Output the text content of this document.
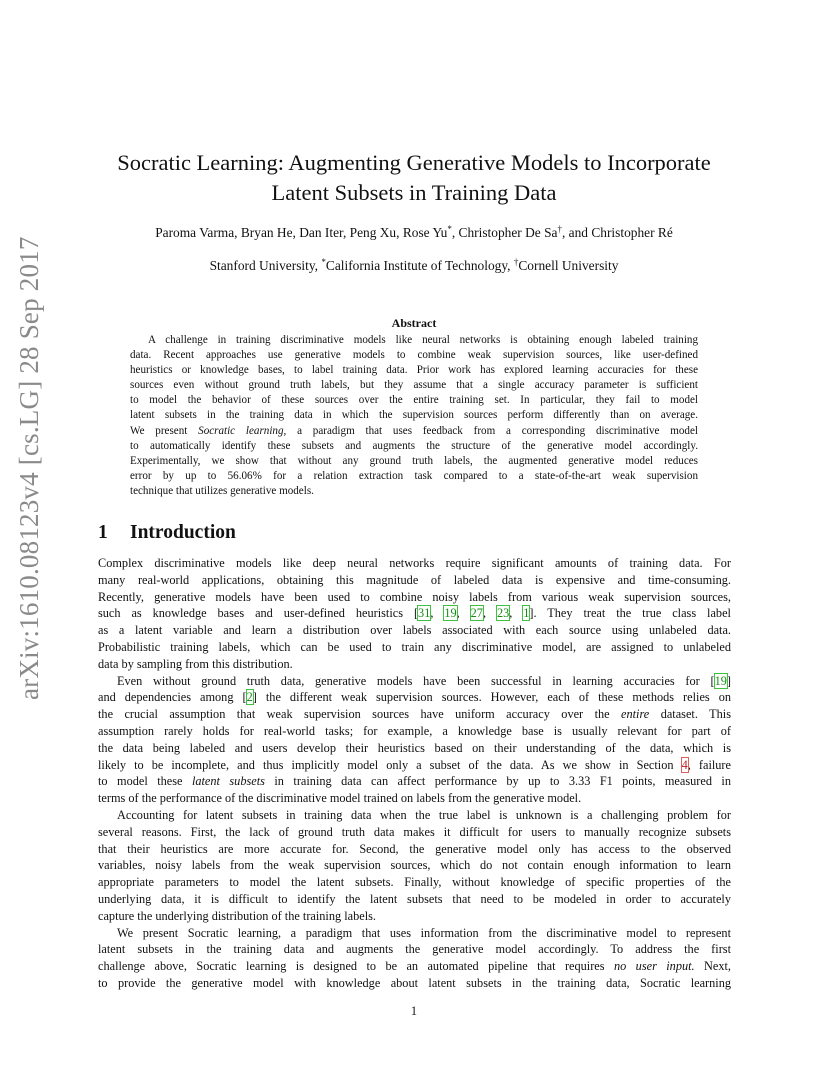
arXiv:1610.08123v4 [cs.LG] 28 Sep 2017
Socratic Learning: Augmenting Generative Models to Incorporate
Latent Subsets in Training Data
Paroma Varma, Bryan He, Dan Iter, Peng Xu, Rose Yu*, Christopher De Sa†, and Christopher Ré
Stanford University, *California Institute of Technology, †Cornell University
Abstract
A challenge in training discriminative models like neural networks is obtaining enough labeled training
data. Recent approaches use generative models to combine weak supervision sources, like user-defined
heuristics or knowledge bases, to label training data. Prior work has explored learning accuracies for these
sources even without ground truth labels, but they assume that a single accuracy parameter is sufficient
to model the behavior of these sources over the entire training set. In particular, they fail to model
latent subsets in the training data in which the supervision sources perform differently than on average.
We present Socratic learning, a paradigm that uses feedback from a corresponding discriminative model
to automatically identify these subsets and augments the structure of the generative model accordingly.
Experimentally, we show that without any ground truth labels, the augmented generative model reduces
error by up to 56.06% for a relation extraction task compared to a state-of-the-art weak supervision
technique that utilizes generative models.
1 Introduction
Complex discriminative models like deep neural networks require significant amounts of training data. For
many real-world applications, obtaining this magnitude of labeled data is expensive and time-consuming.
Recently, generative models have been used to combine noisy labels from various weak supervision sources,
such as knowledge bases and user-defined heuristics [31, 19, 27, 23, 1]. They treat the true class label
as a latent variable and learn a distribution over labels associated with each source using unlabeled data.
Probabilistic training labels, which can be used to train any discriminative model, are assigned to unlabeled
data by sampling from this distribution.
Even without ground truth data, generative models have been successful in learning accuracies for [19]
and dependencies among [2] the different weak supervision sources. However, each of these methods relies on
the crucial assumption that weak supervision sources have uniform accuracy over the entire dataset. This
assumption rarely holds for real-world tasks; for example, a knowledge base is usually relevant for part of
the data being labeled and users develop their heuristics based on their understanding of the data, which is
likely to be incomplete, and thus implicitly model only a subset of the data. As we show in Section 4, failure
to model these latent subsets in training data can affect performance by up to 3.33 F1 points, measured in
terms of the performance of the discriminative model trained on labels from the generative model.
Accounting for latent subsets in training data when the true label is unknown is a challenging problem for
several reasons. First, the lack of ground truth data makes it difficult for users to manually recognize subsets
that their heuristics are more accurate for. Second, the generative model only has access to the observed
variables, noisy labels from the weak supervision sources, which do not contain enough information to learn
appropriate parameters to model the latent subsets. Finally, without knowledge of specific properties of the
underlying data, it is difficult to identify the latent subsets that need to be modeled in order to accurately
capture the underlying distribution of the training labels.
We present Socratic learning, a paradigm that uses information from the discriminative model to represent
latent subsets in the training data and augments the generative model accordingly. To address the first
challenge above, Socratic learning is designed to be an automated pipeline that requires no user input. Next,
to provide the generative model with knowledge about latent subsets in the training data, Socratic learning
1
